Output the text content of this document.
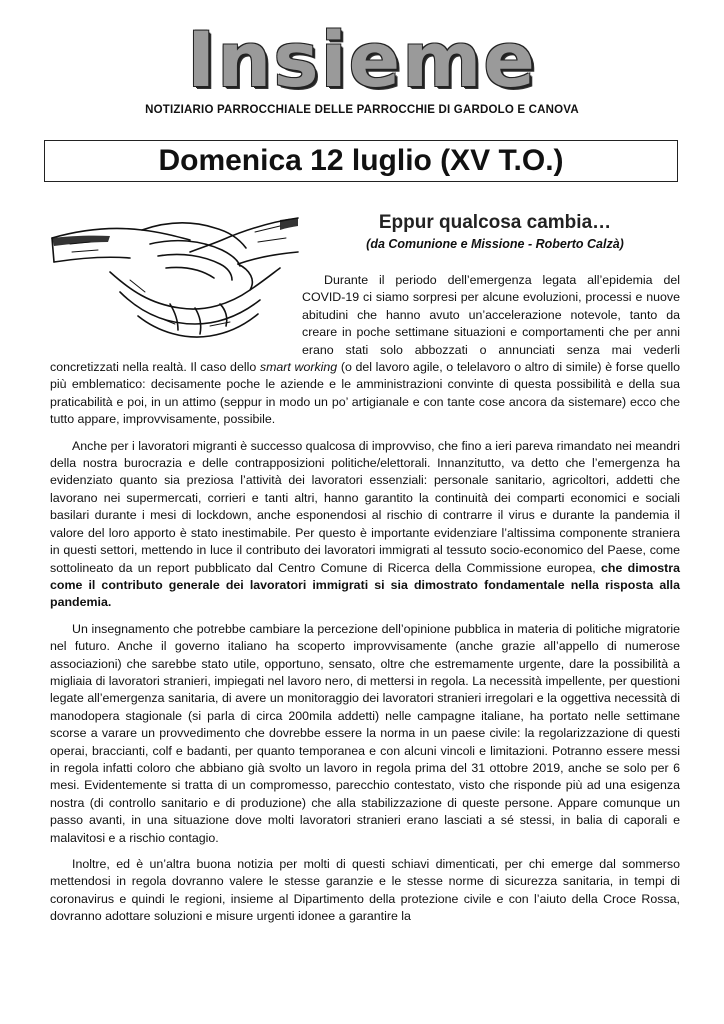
Insieme
NOTIZIARIO PARROCCHIALE DELLE PARROCCHIE DI GARDOLO E CANOVA
Domenica 12 luglio (XV T.O.)
Eppur qualcosa cambia…
(da Comunione e Missione - Roberto Calzà)

Durante il periodo dell’emergenza legata all’epidemia del COVID-19 ci siamo sorpresi per alcune evoluzioni, processi e nuove abitudini che hanno avuto un’accelerazione notevole, tanto da creare in poche settimane situazioni e comportamenti che per anni erano stati solo abbozzati o annunciati senza mai vederli concretizzati nella realtà. Il caso dello smart working (o del lavoro agile, o telelavoro o altro di simile) è forse quello più emblematico: decisamente poche le aziende e le amministrazioni convinte di questa possibilità e della sua praticabilità e poi, in un attimo (seppur in modo un po’ artigianale e con tante cose ancora da sistemare) ecco che tutto appare, improvvisamente, possibile.

Anche per i lavoratori migranti è successo qualcosa di improvviso, che fino a ieri pareva rimandato nei meandri della nostra burocrazia e delle contrapposizioni politiche/elettorali. Innanzitutto, va detto che l’emergenza ha evidenziato quanto sia preziosa l’attività dei lavoratori essenziali: personale sanitario, agricoltori, addetti che lavorano nei supermercati, corrieri e tanti altri, hanno garantito la continuità dei comparti economici e sociali basilari durante i mesi di lockdown, anche esponendosi al rischio di contrarre il virus e durante la pandemia il valore del loro apporto è stato inestimabile. Per questo è importante evidenziare l’altissima componente straniera in questi settori, mettendo in luce il contributo dei lavoratori immigrati al tessuto socio-economico del Paese, come sottolineato da un report pubblicato dal Centro Comune di Ricerca della Commissione europea, che dimostra come il contributo generale dei lavoratori immigrati si sia dimostrato fondamentale nella risposta alla pandemia.

Un insegnamento che potrebbe cambiare la percezione dell’opinione pubblica in materia di politiche migratorie nel futuro. Anche il governo italiano ha scoperto improvvisamente (anche grazie all’appello di numerose associazioni) che sarebbe stato utile, opportuno, sensato, oltre che estremamente urgente, dare la possibilità a migliaia di lavoratori stranieri, impiegati nel lavoro nero, di mettersi in regola. La necessità impellente, per questioni legate all’emergenza sanitaria, di avere un monitoraggio dei lavoratori stranieri irregolari e la oggettiva necessità di manodopera stagionale (si parla di circa 200mila addetti) nelle campagne italiane, ha portato nelle settimane scorse a varare un provvedimento che dovrebbe essere la norma in un paese civile: la regolarizzazione di questi operai, braccianti, colf e badanti, per quanto temporanea e con alcuni vincoli e limitazioni. Potranno essere messi in regola infatti coloro che abbiano già svolto un lavoro in regola prima del 31 ottobre 2019, anche se solo per 6 mesi. Evidentemente si tratta di un compromesso, parecchio contestato, visto che risponde più ad una esigenza nostra (di controllo sanitario e di produzione) che alla stabilizzazione di queste persone. Appare comunque un passo avanti, in una situazione dove molti lavoratori stranieri erano lasciati a sé stessi, in balia di caporali e malavitosi e a rischio contagio.

Inoltre, ed è un’altra buona notizia per molti di questi schiavi dimenticati, per chi emerge dal sommerso mettendosi in regola dovranno valere le stesse garanzie e le stesse norme di sicurezza sanitaria, in tempi di coronavirus e quindi le regioni, insieme al Dipartimento della protezione civile e con l’aiuto della Croce Rossa, dovranno adottare soluzioni e misure urgenti idonee a garantire la
